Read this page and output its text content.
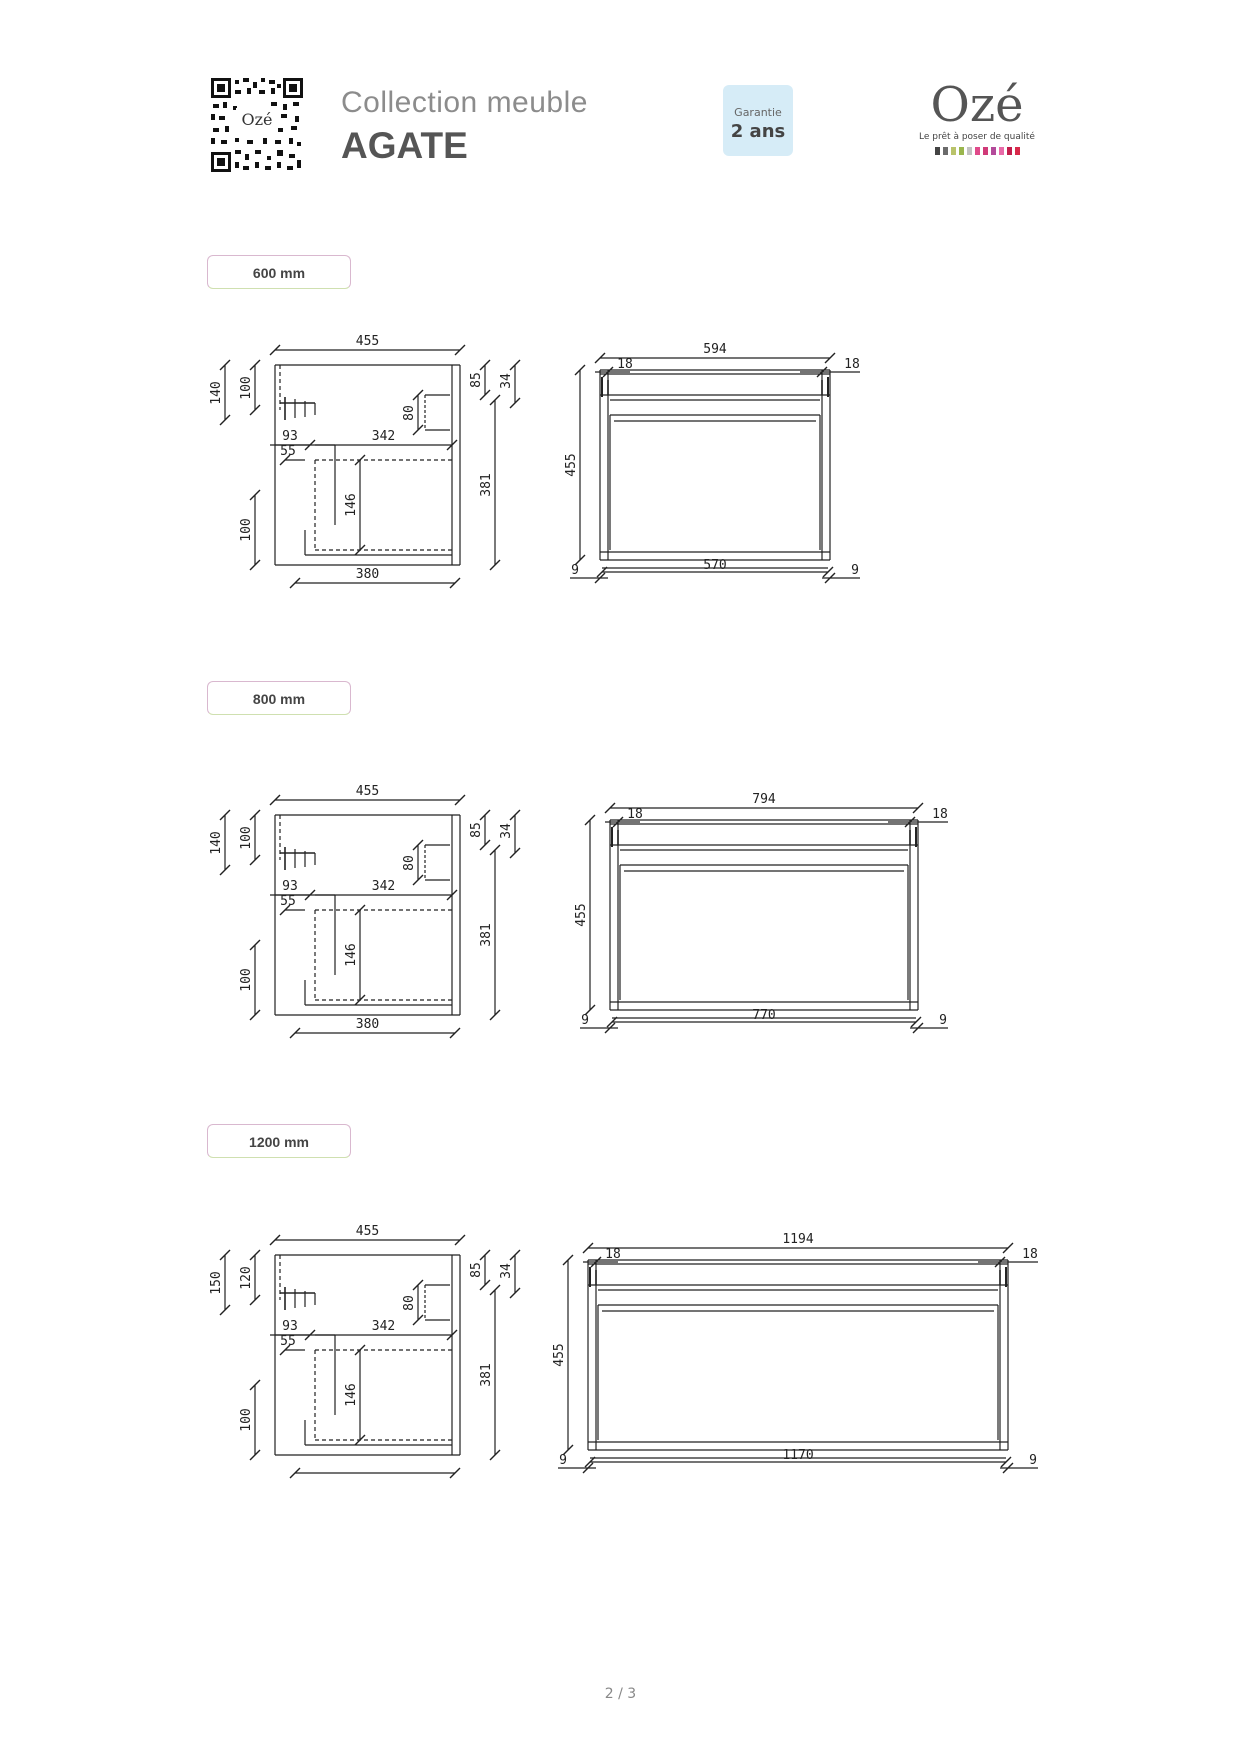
Ozé
Collection meuble
AGATE
Garantie
2 ans	Ozé
Le prêt à poser de qualité
600 mm
800 mm
1200 mm
455
140 100	85 34
80
93	342
146
55
100
381
380
594
18	18
455
570
9	9
455
140 100	85 34
80
93	342
146
55
100
381
380
794
18	18
455
770
9	9
455
150 120	85 34
80
93	342
146
55
100
381
1194
18	18
455
1170
9	9
2 / 3
